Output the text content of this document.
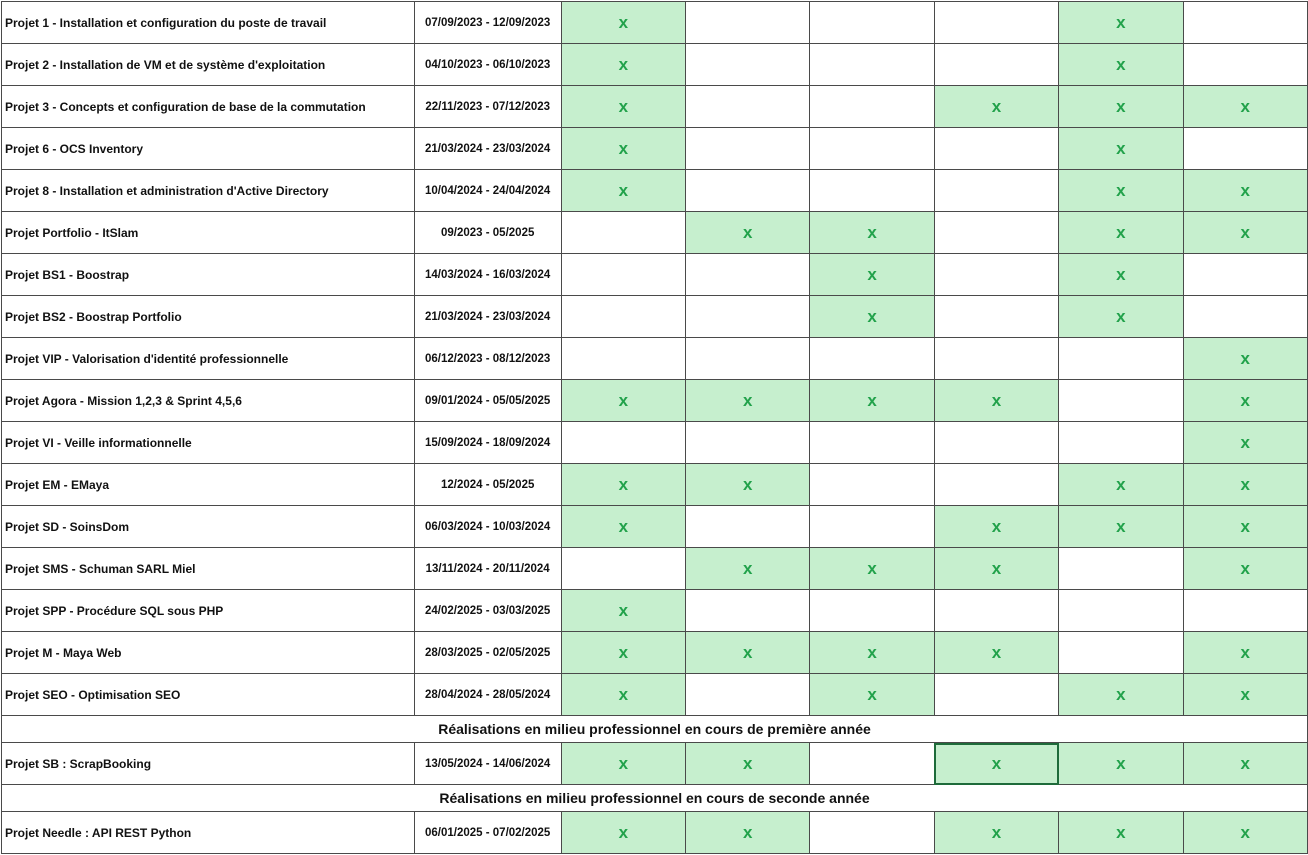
Projet 1 - Installation et configuration du poste de travail	07/09/2023 - 12/09/2023	x				x	
Projet 2 - Installation de VM et de système d'exploitation	04/10/2023 - 06/10/2023	x				x	
Projet 3 - Concepts et configuration de base de la commutation	22/11/2023 - 07/12/2023	x			x	x	x
Projet 6 - OCS Inventory	21/03/2024 - 23/03/2024	x				x	
Projet 8 - Installation et administration d'Active Directory	10/04/2024 - 24/04/2024	x				x	x
Projet Portfolio - ItSlam	09/2023 - 05/2025		x	x		x	x
Projet BS1 - Boostrap	14/03/2024 - 16/03/2024			x		x	
Projet BS2 - Boostrap Portfolio	21/03/2024 - 23/03/2024			x		x	
Projet VIP - Valorisation d'identité professionnelle	06/12/2023 - 08/12/2023						x
Projet Agora - Mission 1,2,3 & Sprint 4,5,6	09/01/2024 - 05/05/2025	x	x	x	x		x
Projet VI - Veille informationnelle	15/09/2024 - 18/09/2024						x
Projet EM - EMaya	12/2024 - 05/2025	x	x			x	x
Projet SD - SoinsDom	06/03/2024 - 10/03/2024	x			x	x	x
Projet SMS - Schuman SARL Miel	13/11/2024 - 20/11/2024		x	x	x		x
Projet SPP - Procédure SQL sous PHP	24/02/2025 - 03/03/2025	x					
Projet M - Maya Web	28/03/2025 - 02/05/2025	x	x	x	x		x
Projet SEO - Optimisation SEO	28/04/2024 - 28/05/2024	x		x		x	x
Réalisations en milieu professionnel en cours de première année							
Projet SB : ScrapBooking	13/05/2024 - 14/06/2024	x	x		x	x	x
Réalisations en milieu professionnel en cours de seconde année							
Projet Needle : API REST Python	06/01/2025 - 07/02/2025	x	x		x	x	x
